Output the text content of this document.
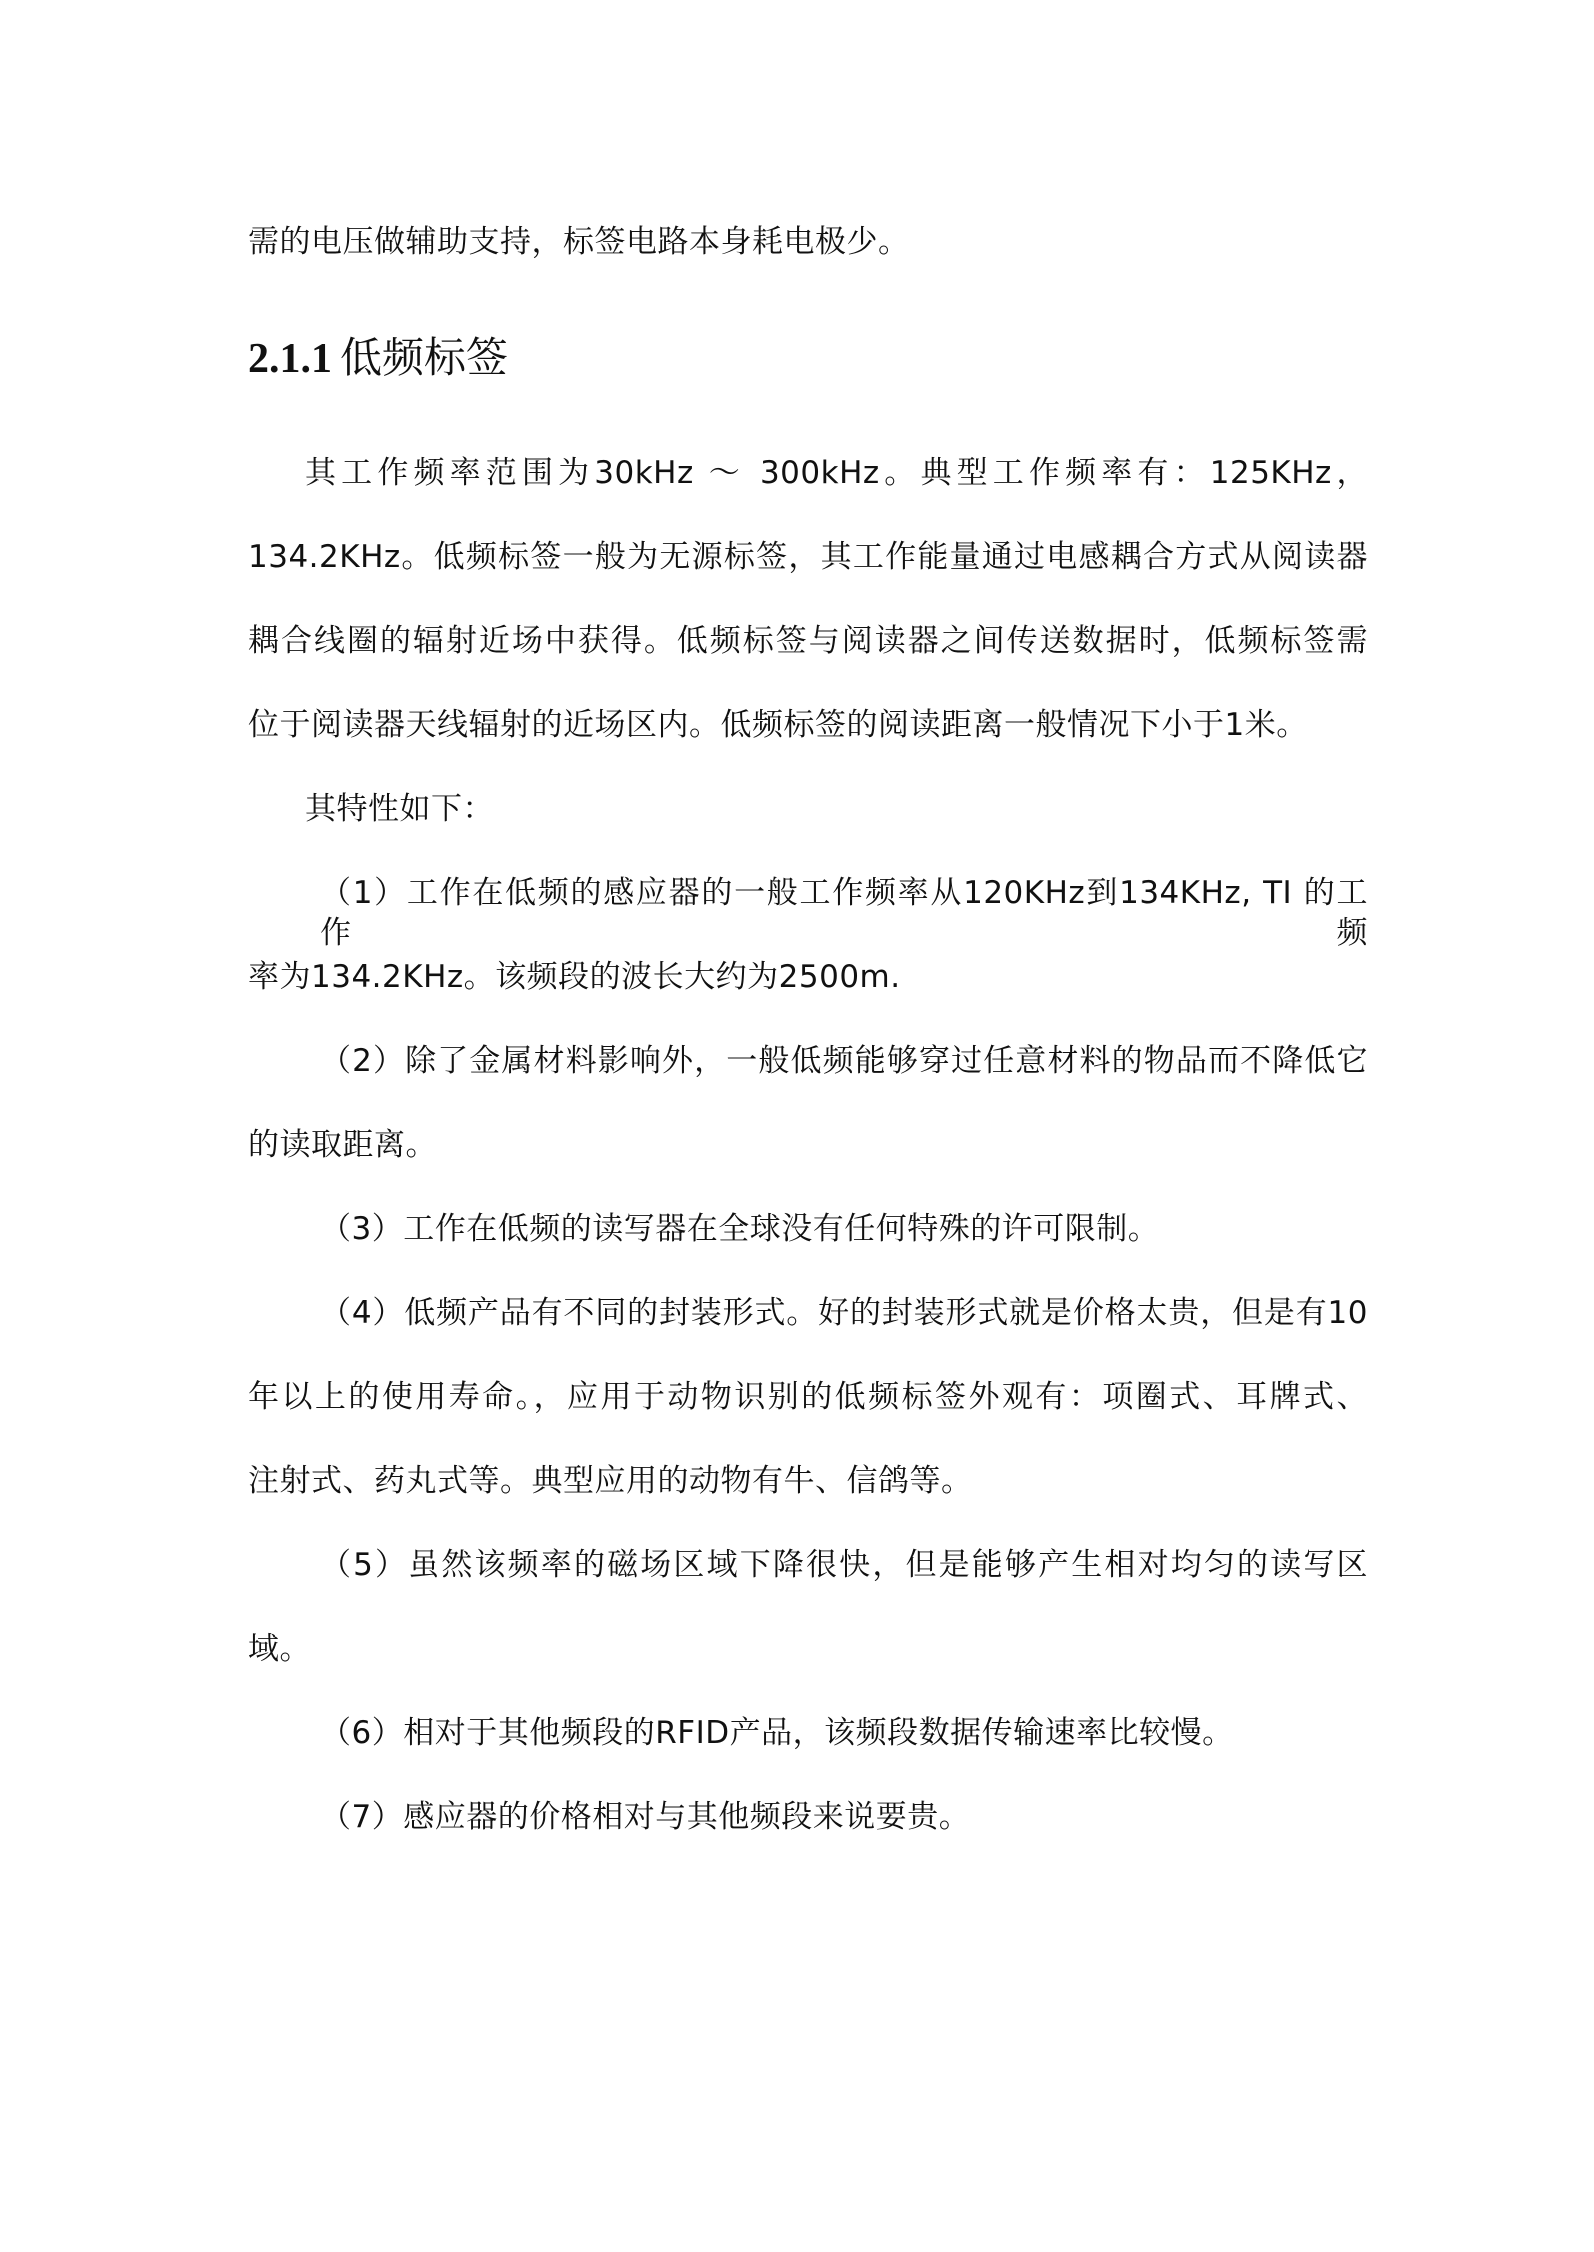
需的电压做辅助支持，标签电路本身耗电极少。
2.1.1 低频标签
其工作频率范围为30kHz ～ 300kHz。典型工作频率有：125KHz，
134.2KHz。低频标签一般为无源标签，其工作能量通过电感耦合方式从阅读器
耦合线圈的辐射近场中获得。低频标签与阅读器之间传送数据时，低频标签需
位于阅读器天线辐射的近场区内。低频标签的阅读距离一般情况下小于1米。
其特性如下：
（1）工作在低频的感应器的一般工作频率从120KHz到134KHz, TI 的工作频
率为134.2KHz。该频段的波长大约为2500m.
（2）除了金属材料影响外，一般低频能够穿过任意材料的物品而不降低它
的读取距离。
（3）工作在低频的读写器在全球没有任何特殊的许可限制。
（4）低频产品有不同的封装形式。好的封装形式就是价格太贵，但是有10
年以上的使用寿命。，应用于动物识别的低频标签外观有：项圈式、耳牌式、
注射式、药丸式等。典型应用的动物有牛、信鸽等。
（5）虽然该频率的磁场区域下降很快，但是能够产生相对均匀的读写区
域。
（6）相对于其他频段的RFID产品，该频段数据传输速率比较慢。
（7）感应器的价格相对与其他频段来说要贵。
